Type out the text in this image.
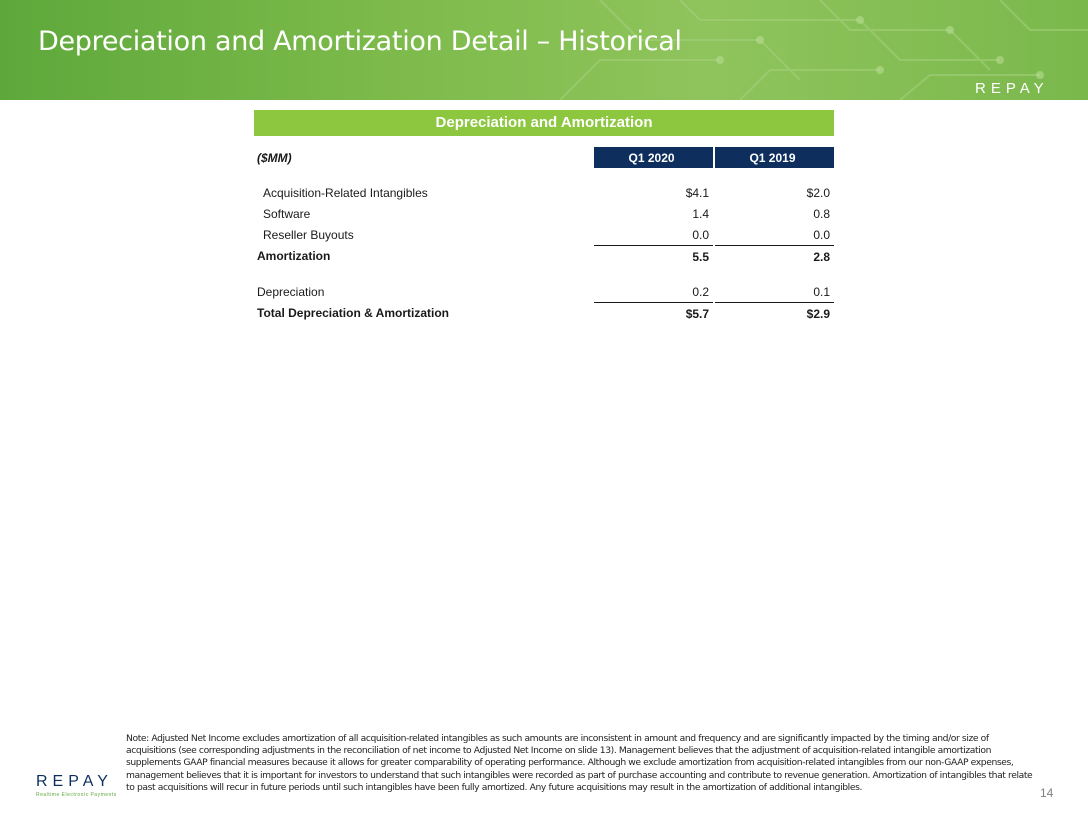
Depreciation and Amortization Detail – Historical
REPAY
Depreciation and Amortization
($MM)	Q1 2020		Q1 2019

Acquisition-Related Intangibles	$4.1		$2.0
Software	1.4		0.8
Reseller Buyouts	0.0		0.0
Amortization	5.5		2.8

Depreciation	0.2		0.1
Total Depreciation & Amortization	$5.7		$2.9
Note: Adjusted Net Income excludes amortization of all acquisition-related intangibles as such amounts are inconsistent in amount and frequency and are significantly impacted by the timing and/or size of acquisitions (see corresponding adjustments in the reconciliation of net income to Adjusted Net Income on slide 13). Management believes that the adjustment of acquisition-related intangible amortization supplements GAAP financial measures because it allows for greater comparability of operating performance. Although we exclude amortization from acquisition-related intangibles from our non-GAAP expenses, management believes that it is important for investors to understand that such intangibles were recorded as part of purchase accounting and contribute to revenue generation. Amortization of intangibles that relate to past acquisitions will recur in future periods until such intangibles have been fully amortized. Any future acquisitions may result in the amortization of additional intangibles.
REPAY
Realtime Electronic Payments	14
